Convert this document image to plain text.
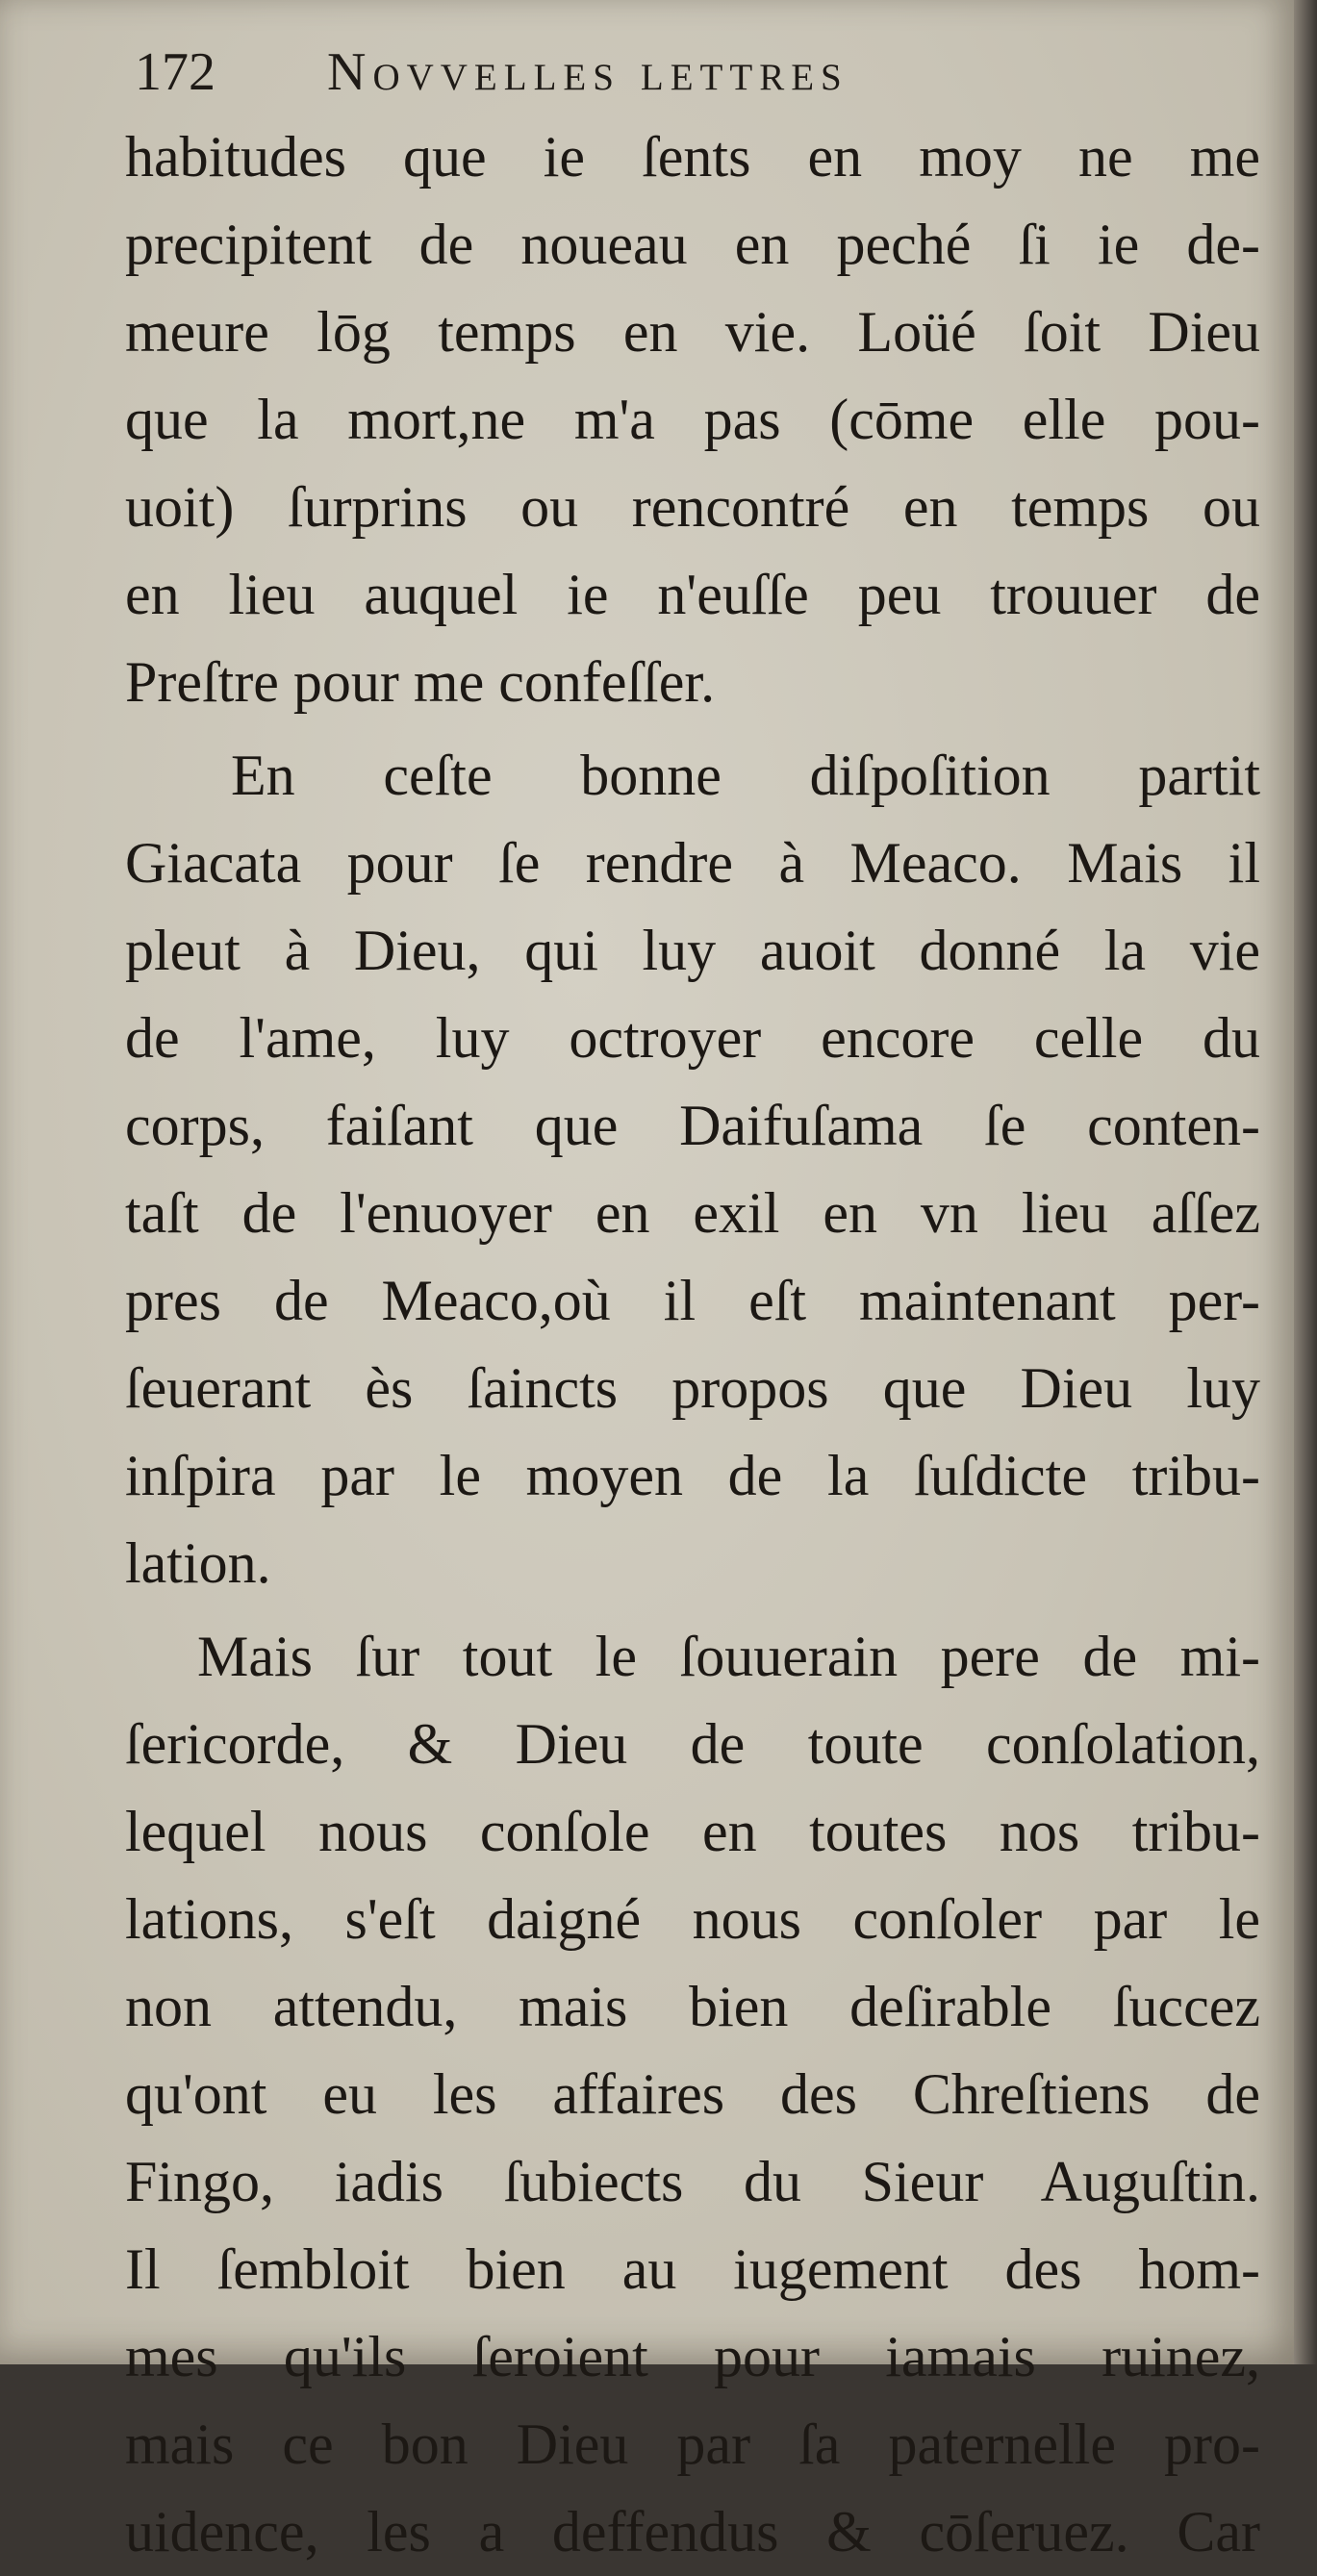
172 Novvelles lettres
habitudes que ie ſents en moy ne me
precipitent de noueau en peché ſi ie de-
meure lōg temps en vie. Loüé ſoit Dieu
que la mort,ne m'a pas (cōme elle pou-
uoit) ſurprins ou rencontré en temps ou
en lieu auquel ie n'euſſe peu trouuer de
Preſtre pour me confeſſer.
En ceſte bonne diſpoſition partit
Giacata pour ſe rendre à Meaco. Mais il
pleut à Dieu, qui luy auoit donné la vie
de l'ame, luy octroyer encore celle du
corps, faiſant que Daifuſama ſe conten-
taſt de l'enuoyer en exil en vn lieu aſſez
pres de Meaco,où il eſt maintenant per-
ſeuerant ès ſaincts propos que Dieu luy
inſpira par le moyen de la ſuſdicte tribu-
lation.
Mais ſur tout le ſouuerain pere de mi-
ſericorde, & Dieu de toute conſolation,
lequel nous conſole en toutes nos tribu-
lations, s'eſt daigné nous conſoler par le
non attendu, mais bien deſirable ſuccez
qu'ont eu les affaires des Chreſtiens de
Fingo, iadis ſubiects du Sieur Auguſtin.
Il ſembloit bien au iugement des hom-
mes qu'ils ſeroient pour iamais ruinez,
mais ce bon Dieu par ſa paternelle pro-
uidence, les a deffendus & cōſeruez. Car
